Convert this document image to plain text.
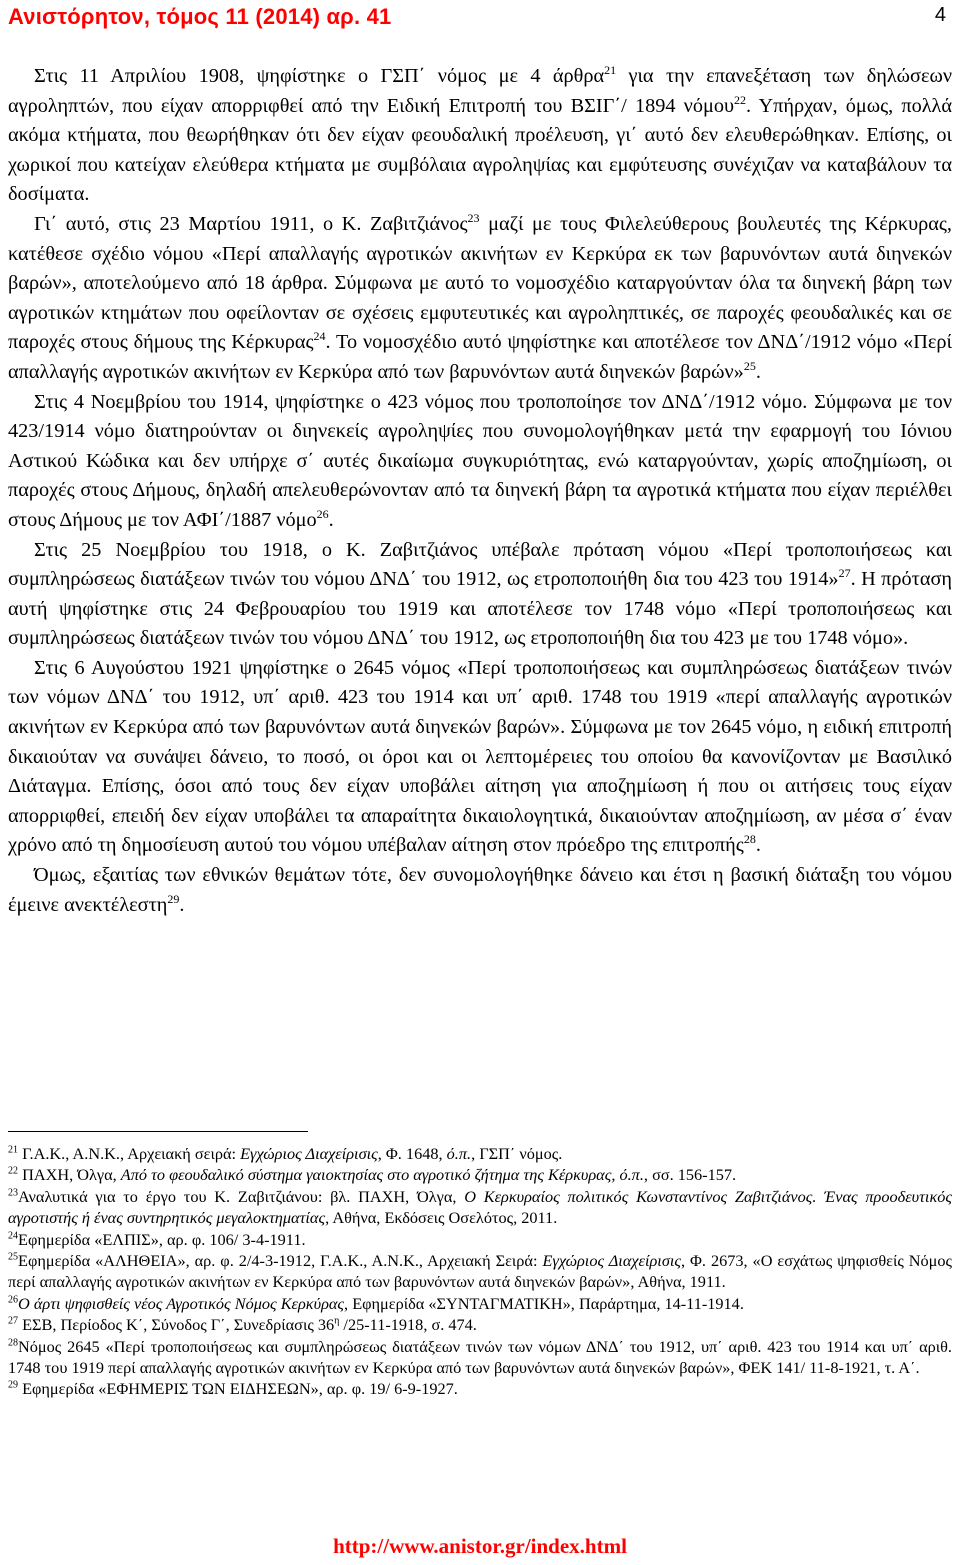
Ανιστόρητον, τόμος 11 (2014) αρ. 41	4

Στις 11 Απριλίου 1908, ψηφίστηκε ο ΓΣΠ΄ νόμος με 4 άρθρα$^{21}$ για την επανεξέταση των δηλώσεων αγροληπτών, που είχαν απορριφθεί από την Ειδική Επιτροπή του ΒΣΙΓ΄/ 1894 νόμου$^{22}$. Υπήρχαν, όμως, πολλά ακόμα κτήματα, που θεωρήθηκαν ότι δεν είχαν φεουδαλική προέλευση, γι΄ αυτό δεν ελευθερώθηκαν. Επίσης, οι χωρικοί που κατείχαν ελεύθερα κτήματα με συμβόλαια αγροληψίας και εμφύτευσης συνέχιζαν να καταβάλουν τα δοσίματα.

Γι΄ αυτό, στις 23 Μαρτίου 1911, ο Κ. Ζαβιτζιάνος$^{23}$ μαζί με τους Φιλελεύθερους βουλευτές της Κέρκυρας, κατέθεσε σχέδιο νόμου «Περί απαλλαγής αγροτικών ακινήτων εν Κερκύρα εκ των βαρυνόντων αυτά διηνεκών βαρών», αποτελούμενο από 18 άρθρα. Σύμφωνα με αυτό το νομοσχέδιο καταργούνταν όλα τα διηνεκή βάρη των αγροτικών κτημάτων που οφείλονταν σε σχέσεις εμφυτευτικές και αγροληπτικές, σε παροχές φεουδαλικές και σε παροχές στους δήμους της Κέρκυρας$^{24}$. Το νομοσχέδιο αυτό ψηφίστηκε και αποτέλεσε τον ΔΝΔ΄/1912 νόμο «Περί απαλλαγής αγροτικών ακινήτων εν Κερκύρα από των βαρυνόντων αυτά διηνεκών βαρών»$^{25}$.

Στις 4 Νοεμβρίου του 1914, ψηφίστηκε ο 423 νόμος που τροποποίησε τον ΔΝΔ΄/1912 νόμο. Σύμφωνα με τον 423/1914 νόμο διατηρούνταν οι διηνεκείς αγροληψίες που συνομολογήθηκαν μετά την εφαρμογή του Ιόνιου Αστικού Κώδικα και δεν υπήρχε σ΄ αυτές δικαίωμα συγκυριότητας, ενώ καταργούνταν, χωρίς αποζημίωση, οι παροχές στους Δήμους, δηλαδή απελευθερώνονταν από τα διηνεκή βάρη τα αγροτικά κτήματα που είχαν περιέλθει στους Δήμους με τον ΑΦΙ΄/1887 νόμο$^{26}$.

Στις 25 Νοεμβρίου του 1918, ο Κ. Ζαβιτζιάνος υπέβαλε πρόταση νόμου «Περί τροποποιήσεως και συμπληρώσεως διατάξεων τινών του νόμου ΔΝΔ΄ του 1912, ως ετροποποιήθη δια του 423 του 1914»$^{27}$. Η πρόταση αυτή ψηφίστηκε στις 24 Φεβρουαρίου του 1919 και αποτέλεσε τον 1748 νόμο «Περί τροποποιήσεως και συμπληρώσεως διατάξεων τινών του νόμου ΔΝΔ΄ του 1912, ως ετροποποιήθη δια του 423 με του 1748 νόμο».

Στις 6 Αυγούστου 1921 ψηφίστηκε ο 2645 νόμος «Περί τροποποιήσεως και συμπληρώσεως διατάξεων τινών των νόμων ΔΝΔ΄ του 1912, υπ΄ αριθ. 423 του 1914 και υπ΄ αριθ. 1748 του 1919 «περί απαλλαγής αγροτικών ακινήτων εν Κερκύρα από των βαρυνόντων αυτά διηνεκών βαρών». Σύμφωνα με τον 2645 νόμο, η ειδική επιτροπή δικαιούταν να συνάψει δάνειο, το ποσό, οι όροι και οι λεπτομέρειες του οποίου θα κανονίζονταν με Βασιλικό Διάταγμα. Επίσης, όσοι από τους δεν είχαν υποβάλει αίτηση για αποζημίωση ή που οι αιτήσεις τους είχαν απορριφθεί, επειδή δεν είχαν υποβάλει τα απαραίτητα δικαιολογητικά, δικαιούνταν αποζημίωση, αν μέσα σ΄ έναν χρόνο από τη δημοσίευση αυτού του νόμου υπέβαλαν αίτηση στον πρόεδρο της επιτροπής$^{28}$.

Όμως, εξαιτίας των εθνικών θεμάτων τότε, δεν συνομολογήθηκε δάνειο και έτσι η βασική διάταξη του νόμου έμεινε ανεκτέλεστη$^{29}$.

$^{21}$ Γ.Α.Κ., Α.Ν.Κ., Αρχειακή σειρά: Εγχώριος Διαχείρισις, Φ. 1648, ό.π., ΓΣΠ΄ νόμος.

$^{22}$ ΠΑΧΗ, Όλγα, Από το φεουδαλικό σύστημα γαιοκτησίας στο αγροτικό ζήτημα της Κέρκυρας, ό.π., σσ. 156-157.

$^{23}$Αναλυτικά για το έργο του Κ. Ζαβιτζιάνου: βλ. ΠΑΧΗ, Όλγα, Ο Κερκυραίος πολιτικός Κωνσταντίνος Ζαβιτζιάνος. Ένας προοδευτικός αγροτιστής ή ένας συντηρητικός μεγαλοκτηματίας, Αθήνα, Εκδόσεις Οσελότος, 2011.

$^{24}$Εφημερίδα «ΕΛΠΙΣ», αρ. φ. 106/ 3-4-1911.

$^{25}$Εφημερίδα «ΑΛΗΘΕΙΑ», αρ. φ. 2/4-3-1912, Γ.Α.Κ., Α.Ν.Κ., Αρχειακή Σειρά: Εγχώριος Διαχείρισις, Φ. 2673, «Ο εσχάτως ψηφισθείς Νόμος περί απαλλαγής αγροτικών ακινήτων εν Κερκύρα από των βαρυνόντων αυτά διηνεκών βαρών», Αθήνα, 1911.

$^{26}$Ο άρτι ψηφισθείς νέος Αγροτικός Νόμος Κερκύρας, Εφημερίδα «ΣΥΝΤΑΓΜΑΤΙΚΗ», Παράρτημα, 14-11-1914.

$^{27}$ ΕΣΒ, Περίοδος Κ΄, Σύνοδος Γ΄, Συνεδρίασις $36^\eta$ /25-11-1918, σ. 474.

$^{28}$Νόμος 2645 «Περί τροποποιήσεως και συμπληρώσεως διατάξεων τινών των νόμων ΔΝΔ΄ του 1912, υπ΄ αριθ. 423 του 1914 και υπ΄ αριθ. 1748 του 1919 περί απαλλαγής αγροτικών ακινήτων εν Κερκύρα από των βαρυνόντων αυτά διηνεκών βαρών», ΦΕΚ 141/ 11-8-1921, τ. Α΄.

$^{29}$ Εφημερίδα «ΕΦΗΜΕΡΙΣ ΤΩΝ ΕΙΔΗΣΕΩΝ», αρ. φ. 19/ 6-9-1927.

http://www.anistor.gr/index.html
